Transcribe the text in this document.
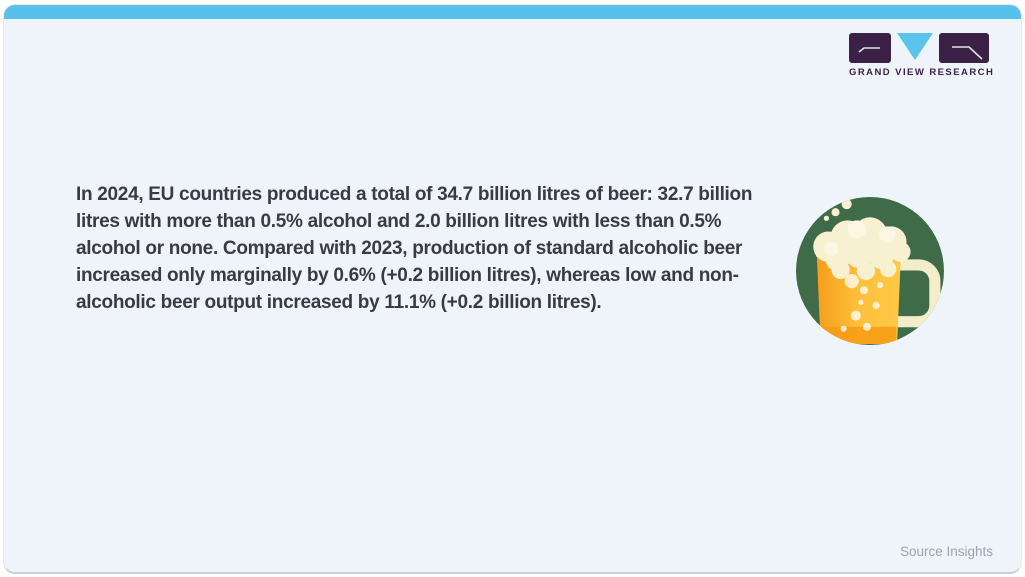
GRAND VIEW RESEARCH
In 2024, EU countries produced a total of 34.7 billion litres of beer: 32.7 billion litres with more than 0.5% alcohol and 2.0 billion litres with less than 0.5% alcohol or none. Compared with 2023, production of standard alcoholic beer increased only marginally by 0.6% (+0.2 billion litres), whereas low and non-alcoholic beer output increased by 11.1% (+0.2 billion litres).
Source Insights
